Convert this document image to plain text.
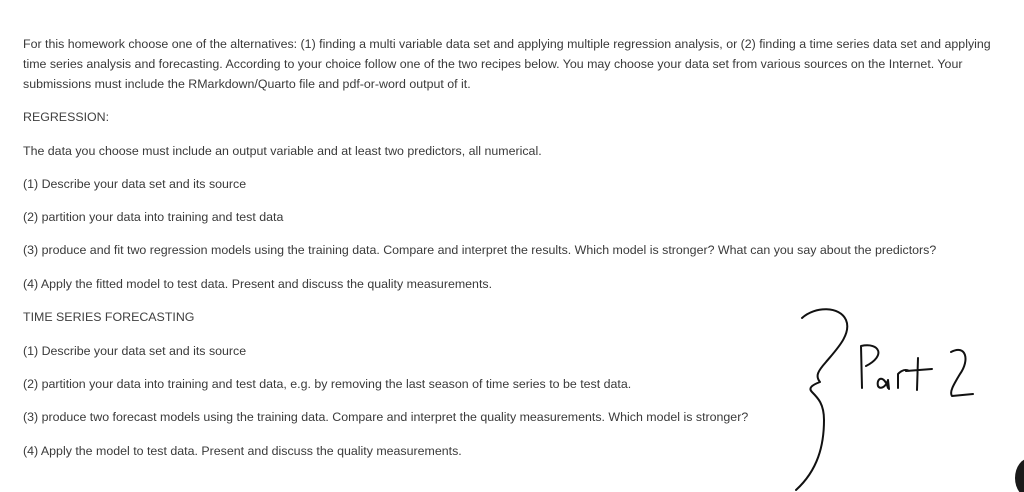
For this homework choose one of the alternatives: (1) finding a multi variable data set and applying multiple regression analysis, or (2) finding a time series data set and applying time series analysis and forecasting. According to your choice follow one of the two recipes below. You may choose your data set from various sources on the Internet. Your submissions must include the RMarkdown/Quarto file and pdf-or-word output of it.

REGRESSION:

The data you choose must include an output variable and at least two predictors, all numerical.

(1) Describe your data set and its source

(2) partition your data into training and test data

(3) produce and fit two regression models using the training data. Compare and interpret the results. Which model is stronger? What can you say about the predictors?

(4) Apply the fitted model to test data. Present and discuss the quality measurements.

TIME SERIES FORECASTING

(1) Describe your data set and its source

(2) partition your data into training and test data, e.g. by removing the last season of time series to be test data.

(3) produce two forecast models using the training data. Compare and interpret the quality measurements. Which model is stronger?

(4) Apply the model to test data. Present and discuss the quality measurements.
